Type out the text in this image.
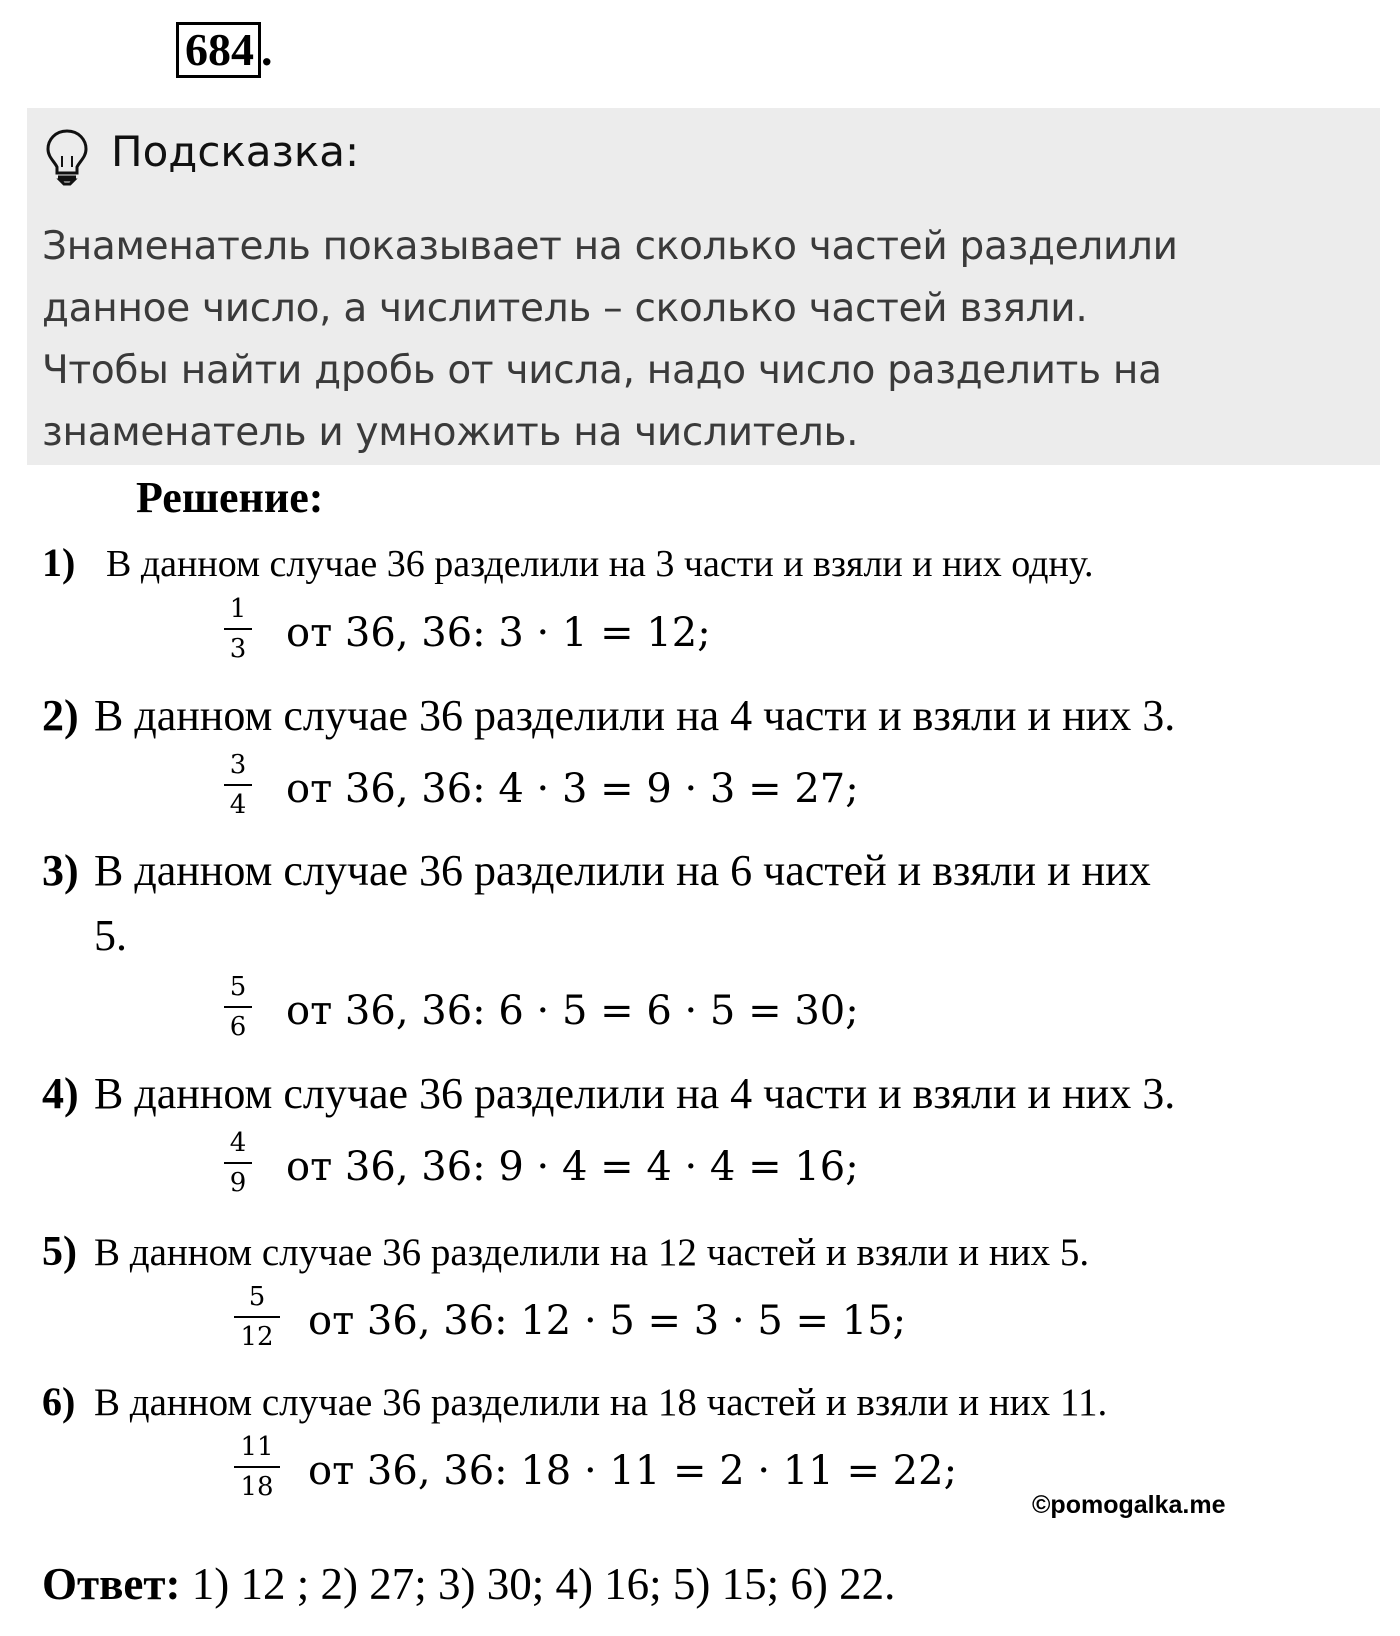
684 .
Подсказка:
Знаменатель показывает на сколько частей разделили
данное число, а числитель – сколько частей взяли.
Чтобы найти дробь от числа, надо число разделить на
знаменатель и умножить на числитель.
Решение:
1) В данном случае 36 разделили на 3 части и взяли и них одну.
1
3 от 36, 36: 3 · 1 = 12;
2) В данном случае 36 разделили на 4 части и взяли и них 3.
3
4 от 36, 36: 4 · 3 = 9 · 3 = 27;
3) В данном случае 36 разделили на 6 частей и взяли и них
5.
5
6 от 36, 36: 6 · 5 = 6 · 5 = 30;
4) В данном случае 36 разделили на 4 части и взяли и них 3.
4
9 от 36, 36: 9 · 4 = 4 · 4 = 16;
5) В данном случае 36 разделили на 12 частей и взяли и них 5.
5
12 от 36, 36: 12 · 5 = 3 · 5 = 15;
6) В данном случае 36 разделили на 18 частей и взяли и них 11.
11
18 от 36, 36: 18 · 11 = 2 · 11 = 22;
©pomogalka.me
Ответ: 1) 12 ; 2) 27; 3) 30; 4) 16; 5) 15; 6) 22.
